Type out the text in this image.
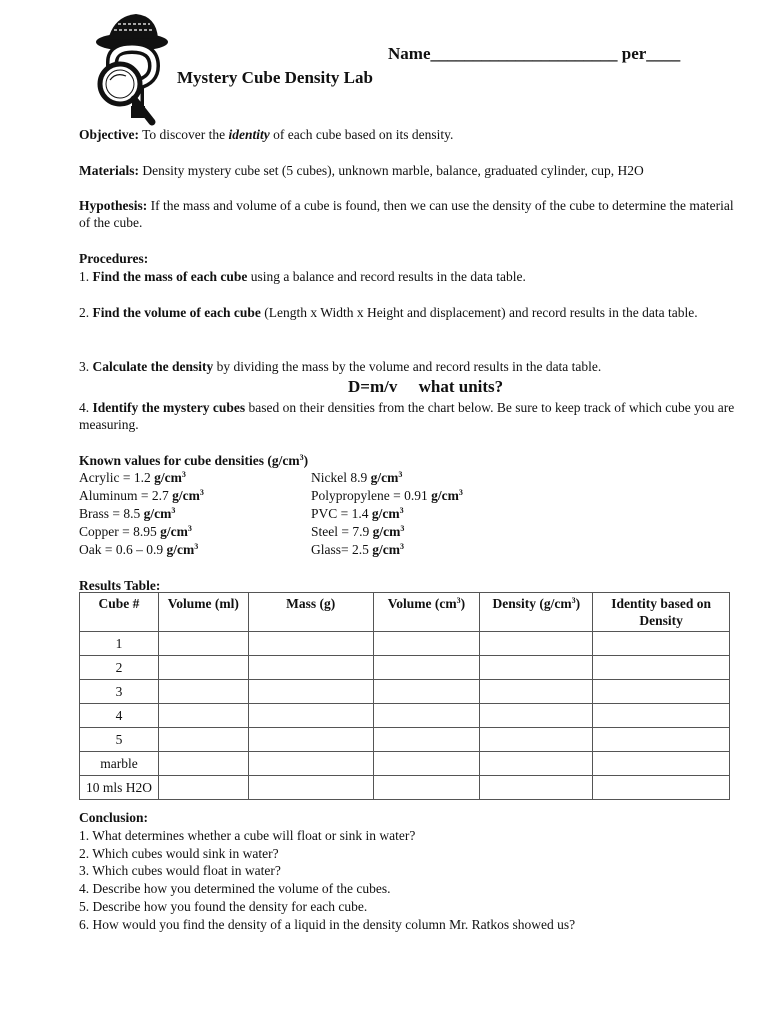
Name______________________ per____
Mystery Cube Density Lab
Objective: To discover the identity of each cube based on its density.
Materials: Density mystery cube set (5 cubes), unknown marble, balance, graduated cylinder, cup, H2O
Hypothesis: If the mass and volume of a cube is found, then we can use the density of the cube to determine the material of the cube.
Procedures:
1. Find the mass of each cube using a balance and record results in the data table.
2. Find the volume of each cube (Length x Width x Height and displacement) and record results in the data table.
3. Calculate the density by dividing the mass by the volume and record results in the data table.
D=m/v     what units?
4. Identify the mystery cubes based on their densities from the chart below. Be sure to keep track of which cube you are measuring.
Known values for cube densities $(g/cm^3)$
Acrylic = 1.2 $g/cm^3$
Aluminum = 2.7 $g/cm^3$
Brass = 8.5 $g/cm^3$
Copper = 8.95 $g/cm^3$
Oak = 0.6 – 0.9 $g/cm^3$
Nickel 8.9 $g/cm^3$
Polypropylene = 0.91 $g/cm^3$
PVC = 1.4 $g/cm^3$
Steel = 7.9 $g/cm^3$
Glass= 2.5 $g/cm^3$
Results Table:
Cube #	Volume (ml)	Mass (g)	Volume $(cm^3)$	Density $(g/cm^3)$	Identity based on Density
1					
2					
3					
4					
5					
marble					
10 mls H2O					
Conclusion:
1. What determines whether a cube will float or sink in water?
2. Which cubes would sink in water?
3. Which cubes would float in water?
4. Describe how you determined the volume of the cubes.
5. Describe how you found the density for each cube.
6. How would you find the density of a liquid in the density column Mr. Ratkos showed us?
